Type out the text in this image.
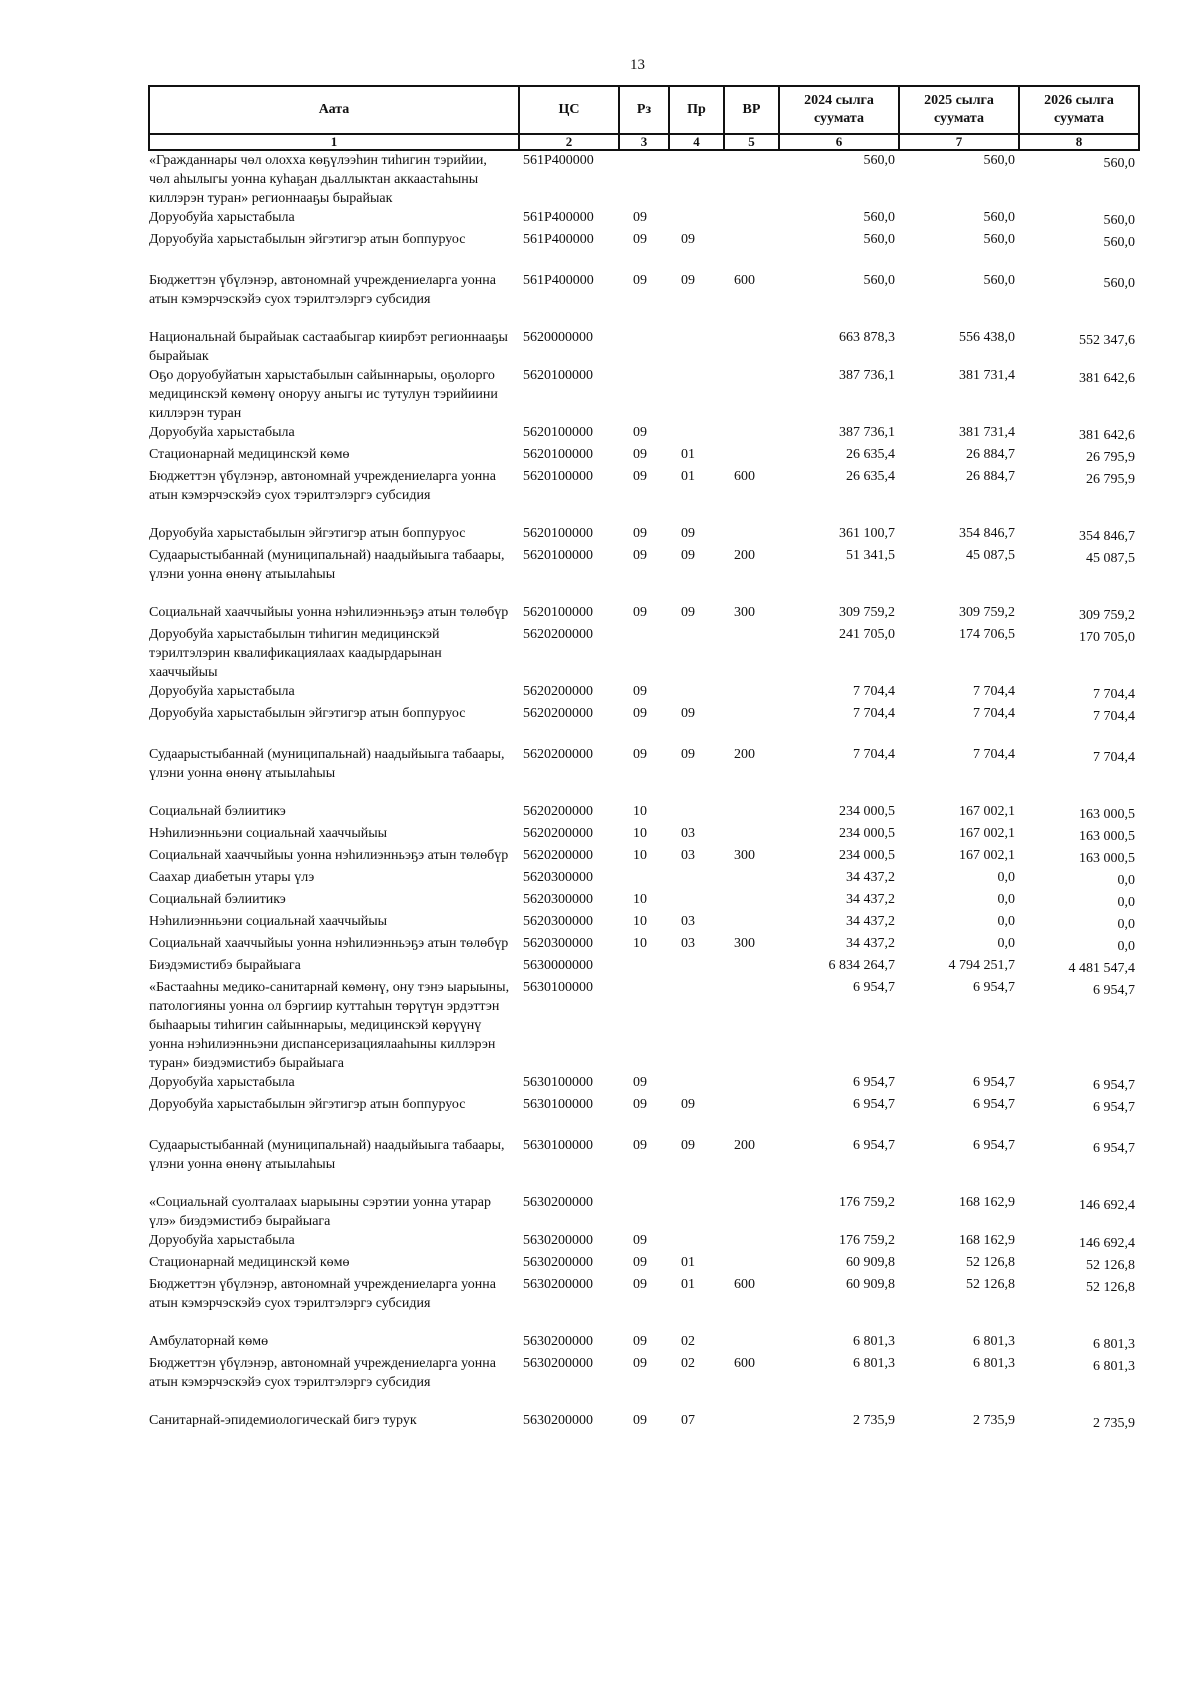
13
Аата	ЦС	Рз	Пр	ВР	2024 сылга суумата	2025 сылга суумата	2026 сылга суумата
1	2	3	4	5	6	7	8
«Гражданнары чөл олохха көҕүлээһин тиһигин тэрийии, чөл аһылыгы уонна куһаҕан дьаллыктан аккаастаһыны киллэрэн туран» регионнааҕы бырайыак	561P400000				560,0	560,0	560,0
Доруобуйа харыстабыла	561P400000	09			560,0	560,0	560,0
Доруобуйа харыстабылын эйгэтигэр атын боппуруос	561P400000	09	09		560,0	560,0	560,0
Бюджеттэн үбүлэнэр, автономнай учреждениеларга уонна атын кэмэрчэскэйэ суох тэрилтэлэргэ субсидия	561P400000	09	09	600	560,0	560,0	560,0
Национальнай бырайыак састаабыгар киирбэт регионнааҕы бырайыак	5620000000				663 878,3	556 438,0	552 347,6
Оҕо доруобуйатын харыстабылын сайыннарыы, оҕолорго медицинскэй көмөнү оноруу аныгы ис тутулун тэрийиини киллэрэн туран	5620100000				387 736,1	381 731,4	381 642,6
Доруобуйа харыстабыла	5620100000	09			387 736,1	381 731,4	381 642,6
Стационарнай медицинскэй көмө	5620100000	09	01		26 635,4	26 884,7	26 795,9
Бюджеттэн үбүлэнэр, автономнай учреждениеларга уонна атын кэмэрчэскэйэ суох тэрилтэлэргэ субсидия	5620100000	09	01	600	26 635,4	26 884,7	26 795,9
Доруобуйа харыстабылын эйгэтигэр атын боппуруос	5620100000	09	09		361 100,7	354 846,7	354 846,7
Судаарыстыбаннай (муниципальнай) наадыйыыга табаары, үлэни уонна өнөнү атыылаһыы	5620100000	09	09	200	51 341,5	45 087,5	45 087,5
Социальнай хааччыйыы уонна нэһилиэнньэҕэ атын төлөбүр	5620100000	09	09	300	309 759,2	309 759,2	309 759,2
Доруобуйа харыстабылын тиһигин медицинскэй тэрилтэлэрин квалификациялаах каадырдарынан хааччыйыы	5620200000				241 705,0	174 706,5	170 705,0
Доруобуйа харыстабыла	5620200000	09			7 704,4	7 704,4	7 704,4
Доруобуйа харыстабылын эйгэтигэр атын боппуруос	5620200000	09	09		7 704,4	7 704,4	7 704,4
Судаарыстыбаннай (муниципальнай) наадыйыыга табаары, үлэни уонна өнөнү атыылаһыы	5620200000	09	09	200	7 704,4	7 704,4	7 704,4
Социальнай бэлиитикэ	5620200000	10			234 000,5	167 002,1	163 000,5
Нэһилиэнньэни социальнай хааччыйыы	5620200000	10	03		234 000,5	167 002,1	163 000,5
Социальнай хааччыйыы уонна нэһилиэнньэҕэ атын төлөбүр	5620200000	10	03	300	234 000,5	167 002,1	163 000,5
Саахар диабетын утары үлэ	5620300000				34 437,2	0,0	0,0
Социальнай бэлиитикэ	5620300000	10			34 437,2	0,0	0,0
Нэһилиэнньэни социальнай хааччыйыы	5620300000	10	03		34 437,2	0,0	0,0
Социальнай хааччыйыы уонна нэһилиэнньэҕэ атын төлөбүр	5620300000	10	03	300	34 437,2	0,0	0,0
Биэдэмистибэ бырайыага	5630000000				6 834 264,7	4 794 251,7	4 481 547,4
«Бастааһны медико-санитарнай көмөнү, ону тэнэ ыарыыны, патологияны уонна ол бэргиир куттаһын төрүтүн эрдэттэн быһаарыы тиһигин сайыннарыы, медицинскэй көрүүнү уонна нэһилиэнньэни диспансеризациялааһыны киллэрэн туран» биэдэмистибэ бырайыага	5630100000				6 954,7	6 954,7	6 954,7
Доруобуйа харыстабыла	5630100000	09			6 954,7	6 954,7	6 954,7
Доруобуйа харыстабылын эйгэтигэр атын боппуруос	5630100000	09	09		6 954,7	6 954,7	6 954,7
Судаарыстыбаннай (муниципальнай) наадыйыыга табаары, үлэни уонна өнөнү атыылаһыы	5630100000	09	09	200	6 954,7	6 954,7	6 954,7
«Социальнай суолталаах ыарыыны сэрэтии уонна утарар үлэ» биэдэмистибэ бырайыага	5630200000				176 759,2	168 162,9	146 692,4
Доруобуйа харыстабыла	5630200000	09			176 759,2	168 162,9	146 692,4
Стационарнай медицинскэй көмө	5630200000	09	01		60 909,8	52 126,8	52 126,8
Бюджеттэн үбүлэнэр, автономнай учреждениеларга уонна атын кэмэрчэскэйэ суох тэрилтэлэргэ субсидия	5630200000	09	01	600	60 909,8	52 126,8	52 126,8
Амбулаторнай көмө	5630200000	09	02		6 801,3	6 801,3	6 801,3
Бюджеттэн үбүлэнэр, автономнай учреждениеларга уонна атын кэмэрчэскэйэ суох тэрилтэлэргэ субсидия	5630200000	09	02	600	6 801,3	6 801,3	6 801,3
Санитарнай-эпидемиологическай бигэ турук	5630200000	09	07		2 735,9	2 735,9	2 735,9
